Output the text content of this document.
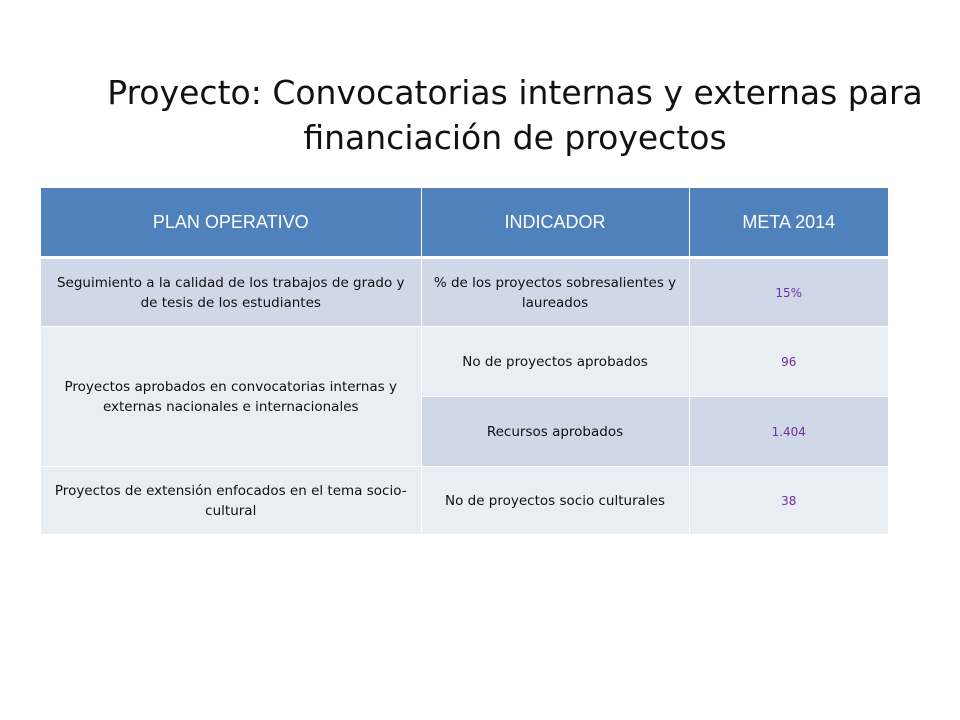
Proyecto: Convocatorias internas y externas para
financiación de proyectos
PLAN OPERATIVO	INDICADOR	META 2014
Seguimiento a la calidad de los trabajos de grado y de tesis de los estudiantes	% de los proyectos sobresalientes y laureados	15%
Proyectos aprobados en convocatorias internas y externas nacionales e internacionales	No de proyectos aprobados	96
	Recursos aprobados	1.404
Proyectos de extensión enfocados en el tema socio-cultural	No de proyectos socio culturales	38
